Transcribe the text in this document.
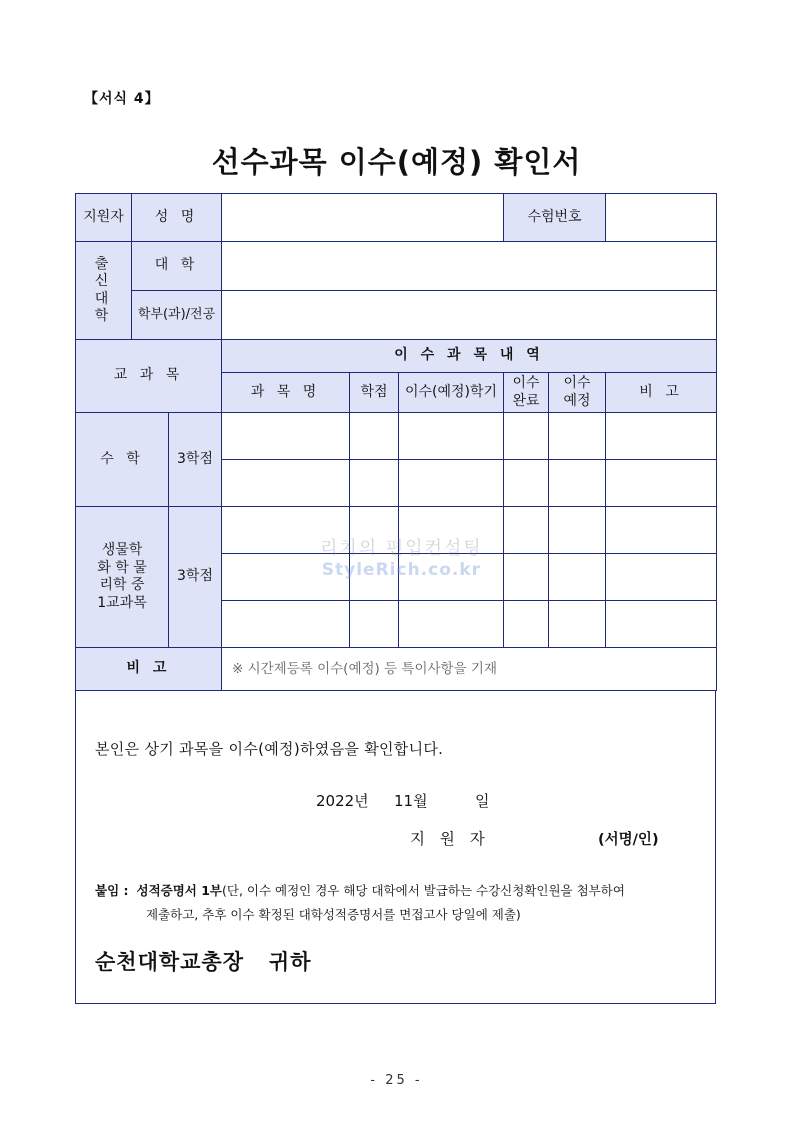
【서식 4】
선수과목 이수(예정) 확인서
지원자	성 명					수험번호		
출 신 대 학	대 학							
	학부(과)/전공							
교 과 목			이 수 과 목 내 역					
			과 목 명	학점	이수(예정)학기	이수 완료	이수 예정	비 고
수 학		3학점						

생물학 화 학 물리학 중 1교과목		3학점						

비 고			※ 시간제등록 이수(예정) 등 특이사항을 기재					
리치의 편입컨설팅
StyleRich.co.kr
본인은 상기 과목을 이수(예정)하였음을 확인합니다.
2022년 11월	일
지 원 자	(서명/인)
붙임 : 성적증명서 1부(단, 이수 예정인 경우 해당 대학에서 발급하는 수강신청확인원을 첨부하여
제출하고, 추후 이수 확정된 대학성적증명서를 면접고사 당일에 제출)
순천대학교총장   귀하
- 25 -
